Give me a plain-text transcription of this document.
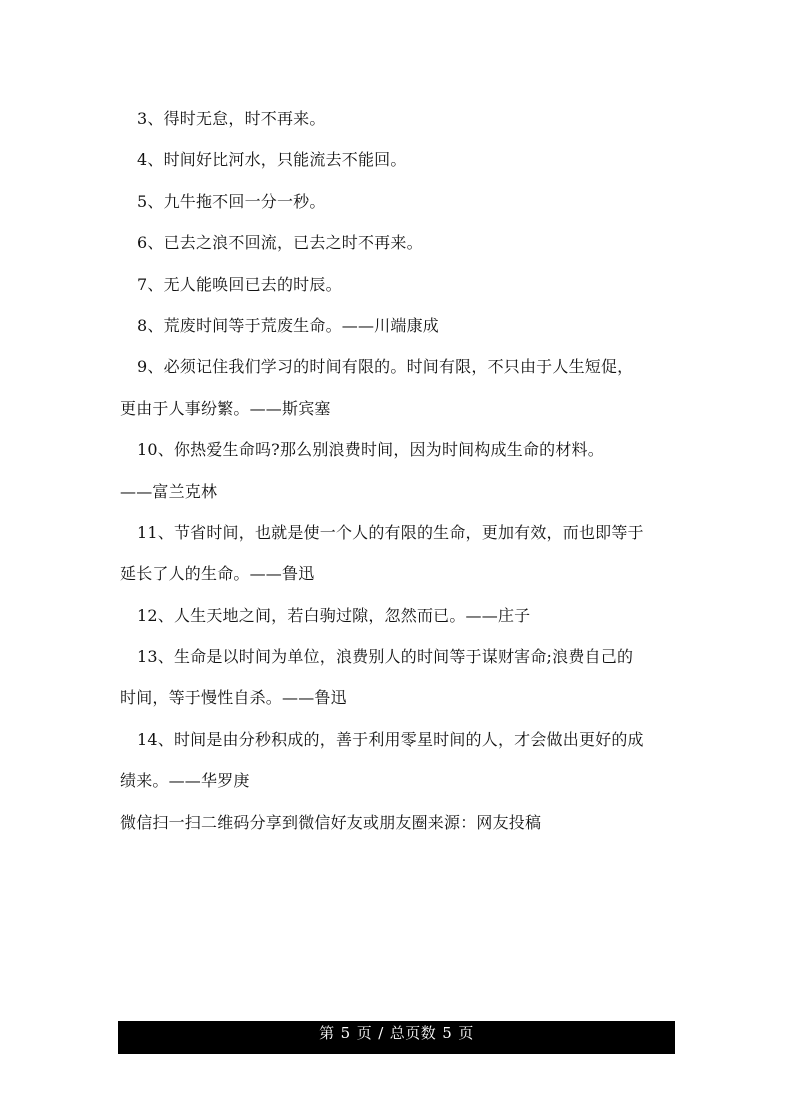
3、得时无怠，时不再来。
4、时间好比河水，只能流去不能回。
5、九牛拖不回一分一秒。
6、已去之浪不回流，已去之时不再来。
7、无人能唤回已去的时辰。
8、荒废时间等于荒废生命。——川端康成
9、必须记住我们学习的时间有限的。时间有限，不只由于人生短促，
更由于人事纷繁。——斯宾塞
10、你热爱生命吗?那么别浪费时间，因为时间构成生命的材料。
——富兰克林
11、节省时间，也就是使一个人的有限的生命，更加有效，而也即等于
延长了人的生命。——鲁迅
12、人生天地之间，若白驹过隙，忽然而已。——庄子
13、生命是以时间为单位，浪费别人的时间等于谋财害命;浪费自己的
时间，等于慢性自杀。——鲁迅
14、时间是由分秒积成的，善于利用零星时间的人，才会做出更好的成
绩来。——华罗庚
微信扫一扫二维码分享到微信好友或朋友圈来源：网友投稿
第 5 页 / 总页数 5 页
